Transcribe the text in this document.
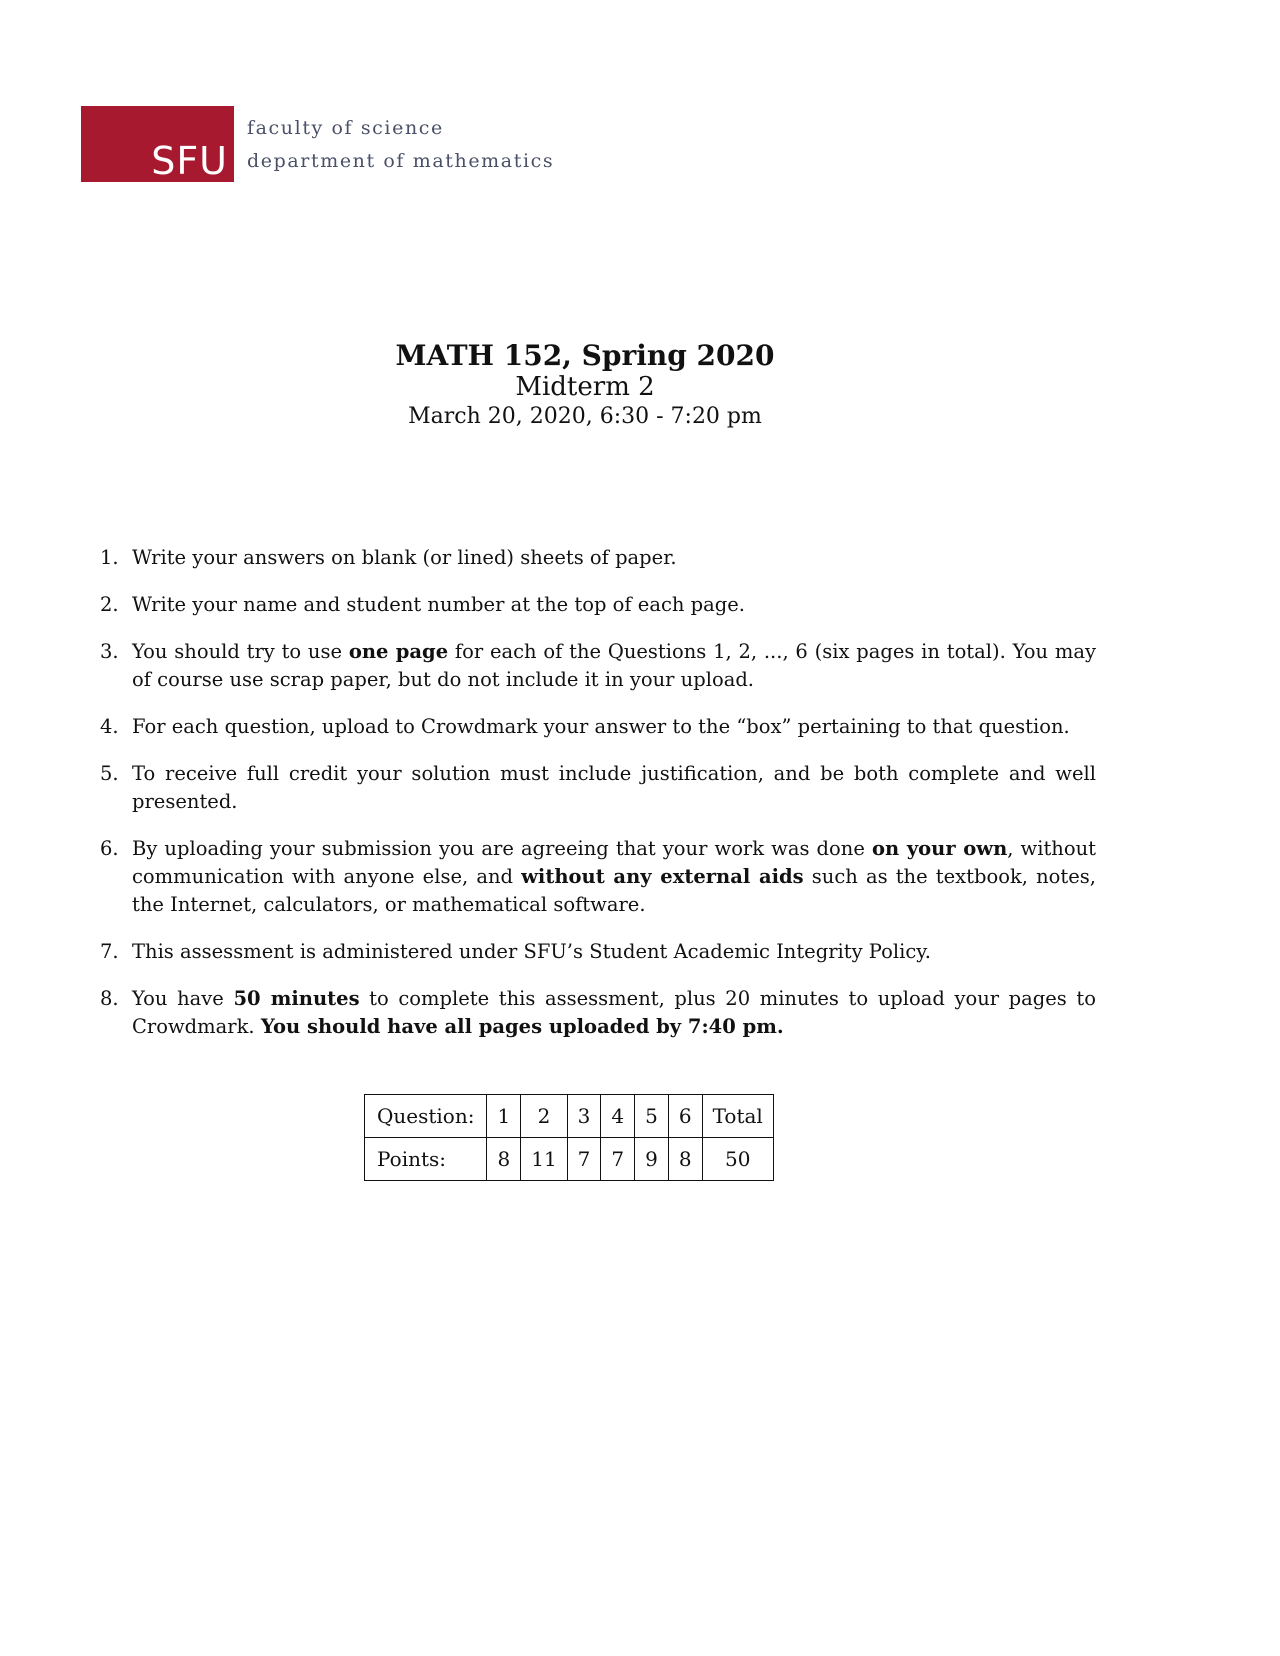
SFU
faculty of science
department of mathematics
MATH 152, Spring 2020
Midterm 2
March 20, 2020, 6:30 - 7:20 pm
1. Write your answers on blank (or lined) sheets of paper.
2. Write your name and student number at the top of each page.
3. You should try to use one page for each of the Questions 1, 2, ..., 6 (six pages in total). You may of course use scrap paper, but do not include it in your upload.
4. For each question, upload to Crowdmark your answer to the “box” pertaining to that question.
5. To receive full credit your solution must include justification, and be both complete and well presented.
6. By uploading your submission you are agreeing that your work was done on your own, without communication with anyone else, and without any external aids such as the textbook, notes, the Internet, calculators, or mathematical software.
7. This assessment is administered under SFU’s Student Academic Integrity Policy.
8. You have 50 minutes to complete this assessment, plus 20 minutes to upload your pages to Crowdmark. You should have all pages uploaded by 7:40 pm.
Question:	1	2	3	4	5	6	Total
Points:	8	11	7	7	9	8	50
